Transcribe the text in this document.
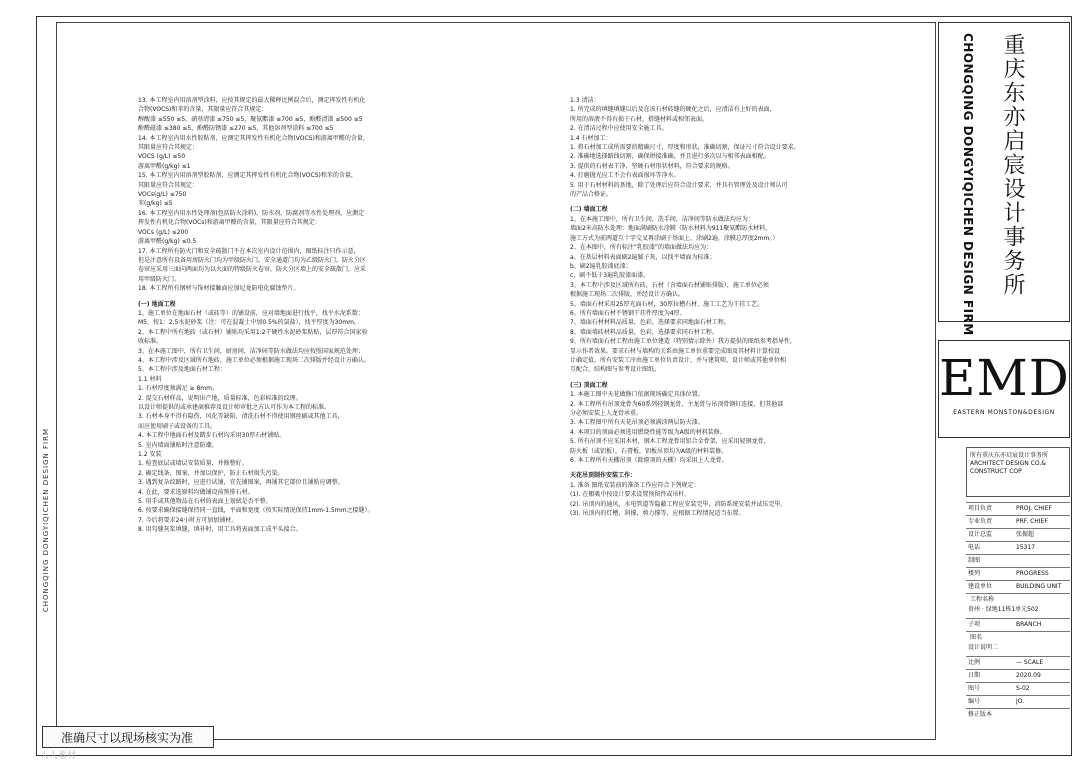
CHONGQING DONGYIQICHEN DESIGN FIRM

13. 本工程室内用溶剂型涂料，应按其规定的最大稀释比例混合后，测定挥发性有机化

合物(VOCS)和苯的含量，其限量应符合其规定：

醇酸漆 ≤550 ≤5，硝基清漆 ≤750 ≤5，聚氨酯漆 ≤700 ≤5，酚醛清漆 ≤500 ≤5

酚醛磁漆 ≤380 ≤5，酚醛防锈漆 ≤270 ≤5，其他溶剂型涂料 ≤700 ≤5

14. 本工程室内用水性胶粘剂，应测定其挥发性有机化合物(VOCS)和游离甲醛的含量，

其限量应符合其规定：

VOCS (g/L) ≤50

游离甲醛(g/kg) ≤1

15. 本工程室内用溶剂型胶粘剂，应测定其挥发性有机化合物(VOCS)和苯的含量，

其限量应符合其规定：

VOCs(g/L) ≤750

苯(g/kg) ≤5

16. 本工程室内用水性处理剂(包括防火涂料)，防水剂，防腐剂等水性处理剂，应测定

挥发性有机化合物(VOCs)和游离甲醛的含量，其限量应符合其规定：

VOCs (g/L) ≤200

游离甲醛(g/kg) ≤0.5

17. 本工程所有防火门和安全疏散门不在本次室内设计范围内，图纸标注只作示意，

但是注意所有设备用房防火门均为甲级防火门，安全通道门均为乙级防火门，防火分区

卷帘应采用三面向两面均为以火面的特级防火卷帘，防火分区墙上的安全疏散门，应采

用甲级防火门。

18. 本工程所有钢材与饰材接触面应加尼龙防电化腐蚀垫片。

(一) 地面工程

1、施工单位在地面石材（或砖等）的铺设前，应对墙地面进行找平，找平水泥系数：

M5，按1：2.5水泥砂浆（注：可在混凝土中加0.5%的氯盐），找平厚度为30mm。

2、本工程中所有地砖（或石材）铺贴均采用1:2干硬性水泥砂浆粘贴，层厚符合国家验

收标准。

3、在本施工图中，所有卫生间，厨房间，洁净间等防水做法均应按照国家规范处理；

4、本工程中涉及区域所有地砖，施工单位必须根据施工现场二次排版并经设计方确认。

5、本工程中涉及地面石材工程：

1.1 材料

1. 石材厚度须满足 ≥ 8mm。

2. 提交石材样品，说明出产地，质量标准，色彩标准的纹理。

以设计师提供的或承建商推荐及设计师审批之方认可作为本工程的标准。

3. 石材本身不得有隐伤，风化等缺陷，清洗石材不得使用钢丝刷或其他工具，

而应使用刷子或设备的工具。

4. 本工程中地面石材及踏步石材均采用30厚石材铺贴。

5. 室内墙面铺贴时注意防潮。

1.2 安装

1. 检查底层或墙层安装质量，并修整好。

2. 确定线条，图案，并加以保护，防止石材损失污染。

3. 遇到复杂纹路时，应进行试铺，宜先铺图案，再铺其它部位且铺贴应调整。

4. 在此，要求选原料均做铺设前预排石材。

5. 用手或其他物品在石材的表面上划拭是否平整。

6. 按要求确保接缝保持同一直线，平面和宽度（按实际情况保持1mm-1.5mm之接缝）。

7. 今后将要求24小时方可加加铺材。

8. 用勾缝灰浆填缝，填补时，用工具将表面加工成平头接合。

1.3 清洁：

1. 所完成的填缝填缝以后及在该石材砖缝的硬化之后，应清洁有上好的表面，

所用的溶液不得有损于石材，搭缝材料或相邻表面。

2. 在清洁过程中应使用安全施工具。

1.4 石材加工：

1. 将石材加工成所需要的精确尺寸，厚度和形状，准确切割，保证尺寸符合设计要求。

2. 准确地选择路线切割，确保拼接准确，并且进行多次以与相邻表面相配。

3. 提供的石材表干净，坚硬石材形状材料，符合要求的规格。

4. 打磨抛光应工不会有表面损坏等净水。

5. 用于石材材料的基地，除了处理后应符合设计要求，并具有管理处及设计师认可

的产品合格证。

(二) 墙面工程

1、在本施工图中，所有卫生间，洗手间，洁净间等防水做法均应为：

墙面2米高防水处理：地面满刷防水涂膜（防水材料为911聚氨酯防水材料，

施工方式为前两道互十字交叉再涂刷于基面上，涂刷2遍，涂膜总厚度2mm。）

2、在本图中，所有标注“乳胶漆”的墙面做法均应为：

a、在基层材料表面刷2遍腻子灰，以找平墙面为标准；

b、刷2遍乳胶漆底漆；

c、刷不低于3遍乳胶漆面漆。

3、本工程中涉及区域所有砖，石材（含墙面石材铺贴排版），施工单位必须

根据施工现场二次排版，并经设计方确认。

5、墙面石材采用25厚光面石材，30厚拉槽石材，施工工艺为干挂工艺。

6、所有墙面石材不锈钢干挂件厚度为4厚。

7、墙面石材材料品质量，色彩，选择要求同地面石材工程。

8、墙面墙砖材料品质量，色彩，选择要求同石材工程。

9、所有墙面石材工程由施工单位建造（特别情示除外）我方提供的图纸参考指导性，

显示作者效果。要求石材与墙构的关系由施工单位重要完成图及其材料计算校设

计确定值，所有安装工序由施工单位负责设计，并与建筑师，设计师或其他单位相

互配合，结构图与参考设计图纸。

(三) 顶面工程

1. 本施工图中天花做修口依据现场确定具体位置。

2. 本工程所有吊顶龙骨为60系列轻钢龙骨，主龙骨与吊顶骨钢钉连接，但其他部

分必须安装上人龙骨承重。

3. 本工程图中所有天花吊顶必须满涂两层防火漆。

4. 本项目的顶面必须选用燃烧性能等级为A级的材料装修。

5. 所有吊顶不应采用木材，钢木工程龙骨用铝合金骨架，应采用轻钢龙骨，

防火板（或铝板），石膏板，铝板吊顶均为A级的材料装修。

6. 本工程所有天棚吊顶（除原顶的天棚）均采用上人龙骨。

天花吊顶制作安装工作：

1. 准备 图纸安装前的准备工作应符合下列规定：

(1). 在搬吸中按设计要求设置预留件或吊杆。

(2). 吊顶内的通风，水电管道等隐蔽工程应安装完毕，消防系统安装并试压完毕。

(3). 吊顶内的灯槽，斜撑，剪力撑等，应根据工程情况适当布置。

准确尺寸以现场核实为准
人人素材
CHONGQING DONGYIQICHEN DESIGN FIRM 重庆东亦启宸设计事务所
EMD
EASTERN MONSTON&DESIGN
所有重庆东亦启宸设计事务所 ARCHITECT DESIGN CO.& CONSTRUCT COP
项目负责	PROJ. CHIEF
专业负责	PRF. CHIEF
设计总监	张振超
电话	15317
制图
楼列	PROGRESS
建设单位	BUILDING UNIT
工程名称
贵州 · 绿地11栋1单元502
子项	BRANCH
图名
设计说明二
比例	— SCALE
日期	2020.09
图号	S-02
编号	JO.
修正版本
